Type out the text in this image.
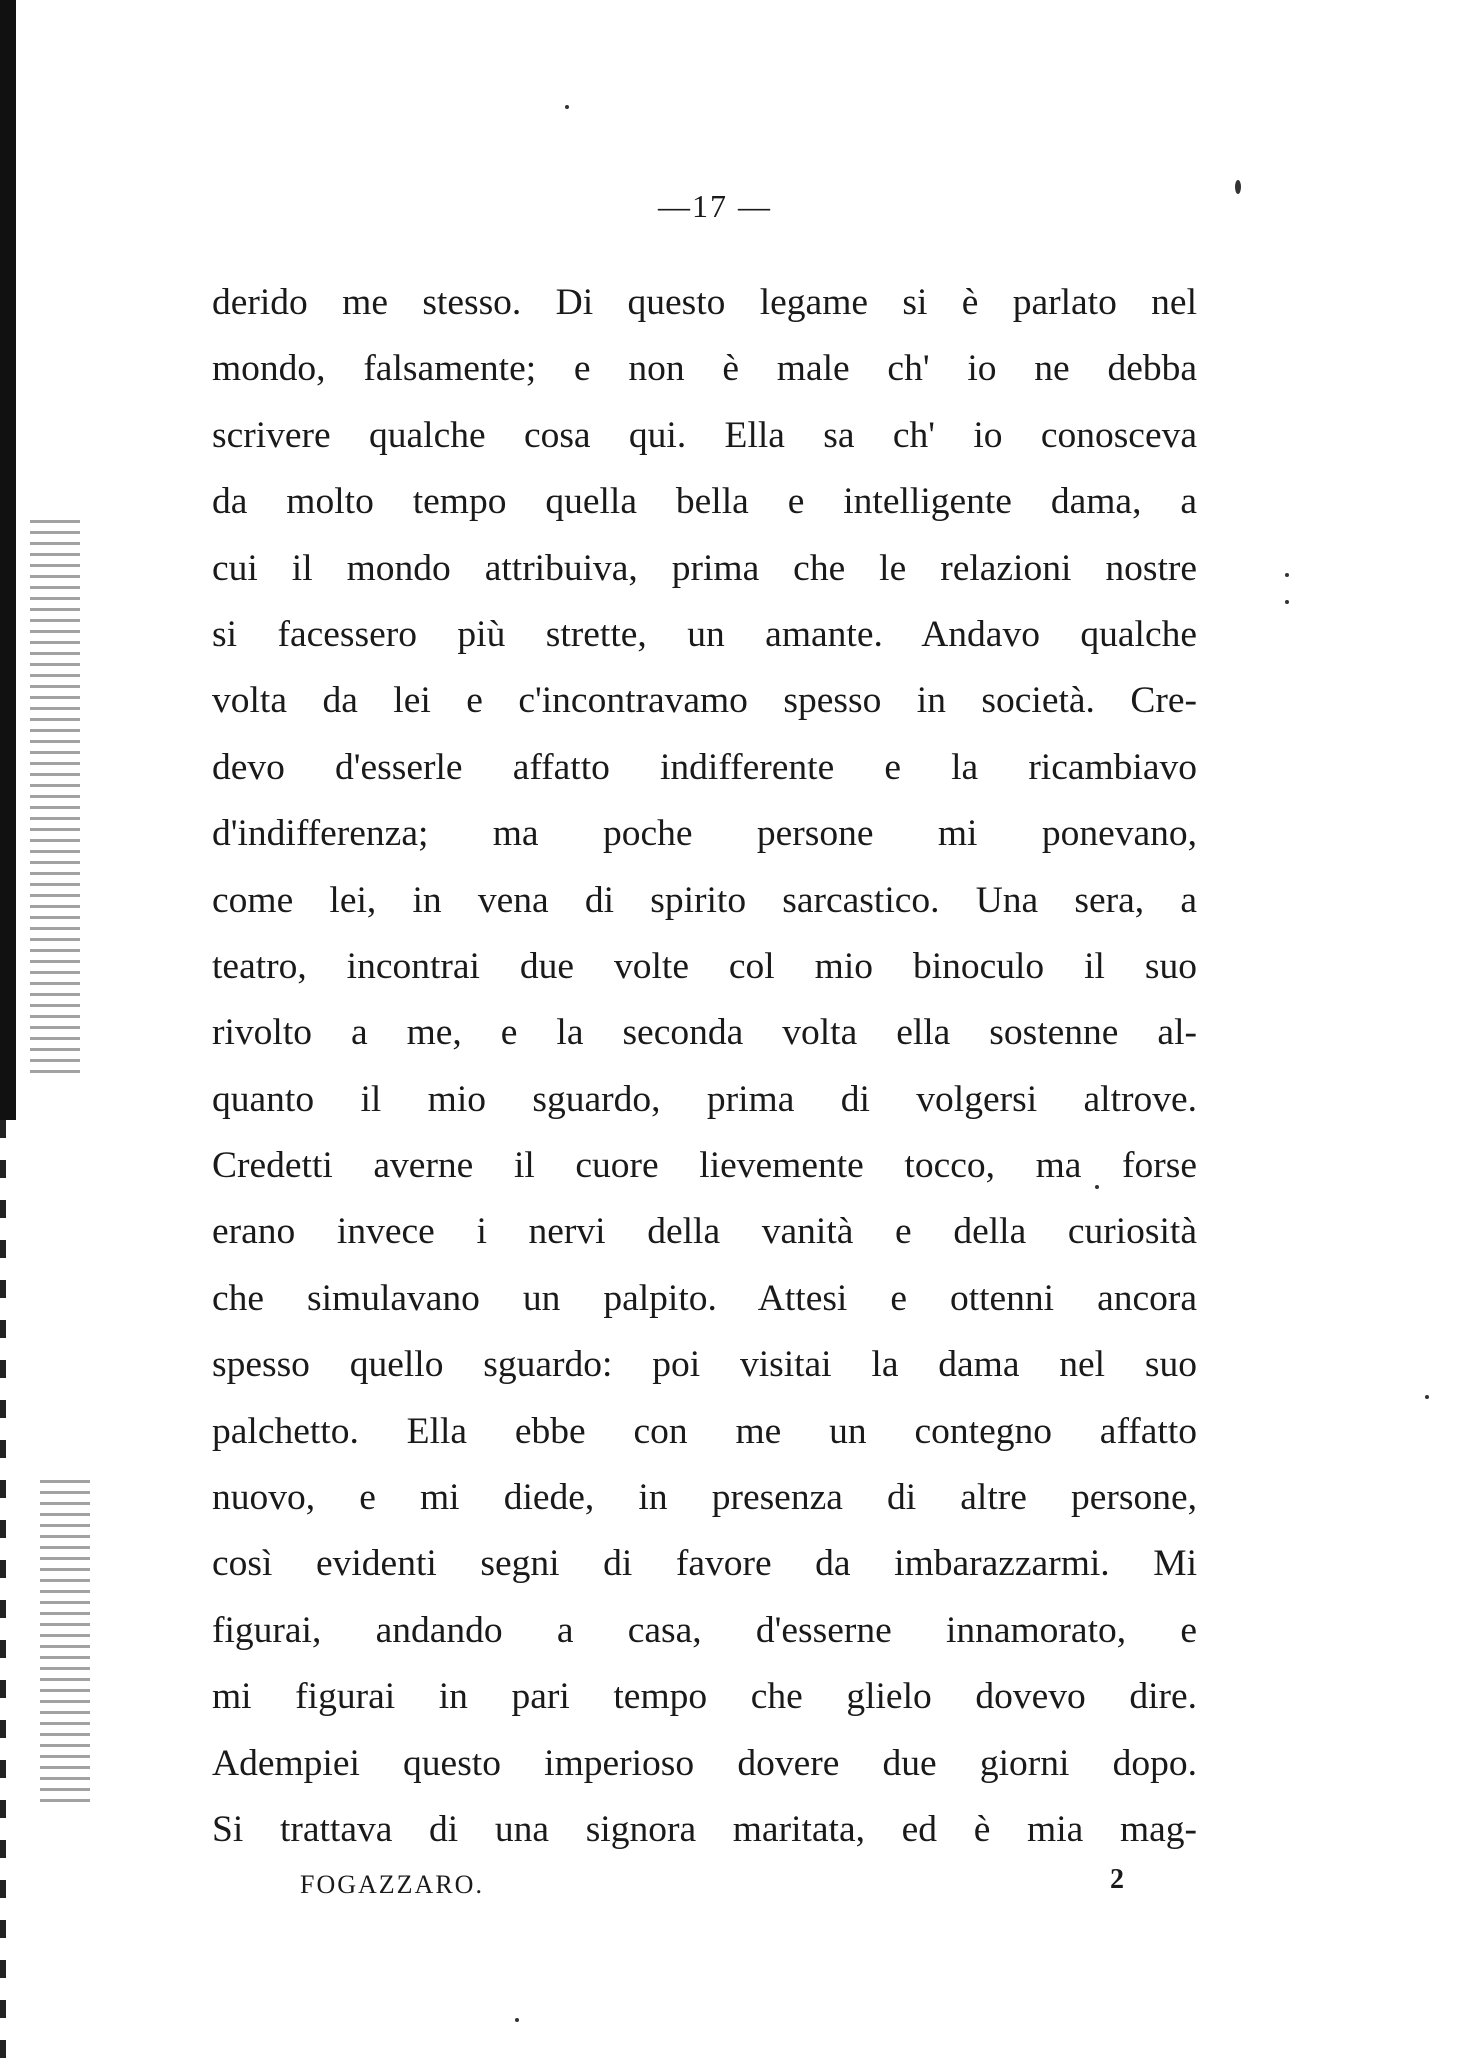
—17 —
derido me stesso. Di questo legame si è parlato nel
mondo, falsamente; e non è male ch' io ne debba
scrivere qualche cosa qui. Ella sa ch' io conosceva
da molto tempo quella bella e intelligente dama, a
cui il mondo attribuiva, prima che le relazioni nostre
si facessero più strette, un amante. Andavo qualche
volta da lei e c'incontravamo spesso in società. Cre-
devo d'esserle affatto indifferente e la ricambiavo
d'indifferenza; ma poche persone mi ponevano,
come lei, in vena di spirito sarcastico. Una sera, a
teatro, incontrai due volte col mio binoculo il suo
rivolto a me, e la seconda volta ella sostenne al-
quanto il mio sguardo, prima di volgersi altrove.
Credetti averne il cuore lievemente tocco, ma forse
erano invece i nervi della vanità e della curiosità
che simulavano un palpito. Attesi e ottenni ancora
spesso quello sguardo: poi visitai la dama nel suo
palchetto. Ella ebbe con me un contegno affatto
nuovo, e mi diede, in presenza di altre persone,
così evidenti segni di favore da imbarazzarmi. Mi
figurai, andando a casa, d'esserne innamorato, e
mi figurai in pari tempo che glielo dovevo dire.
Adempiei questo imperioso dovere due giorni dopo.
Si trattava di una signora maritata, ed è mia mag-
FOGAZZARO.	2
